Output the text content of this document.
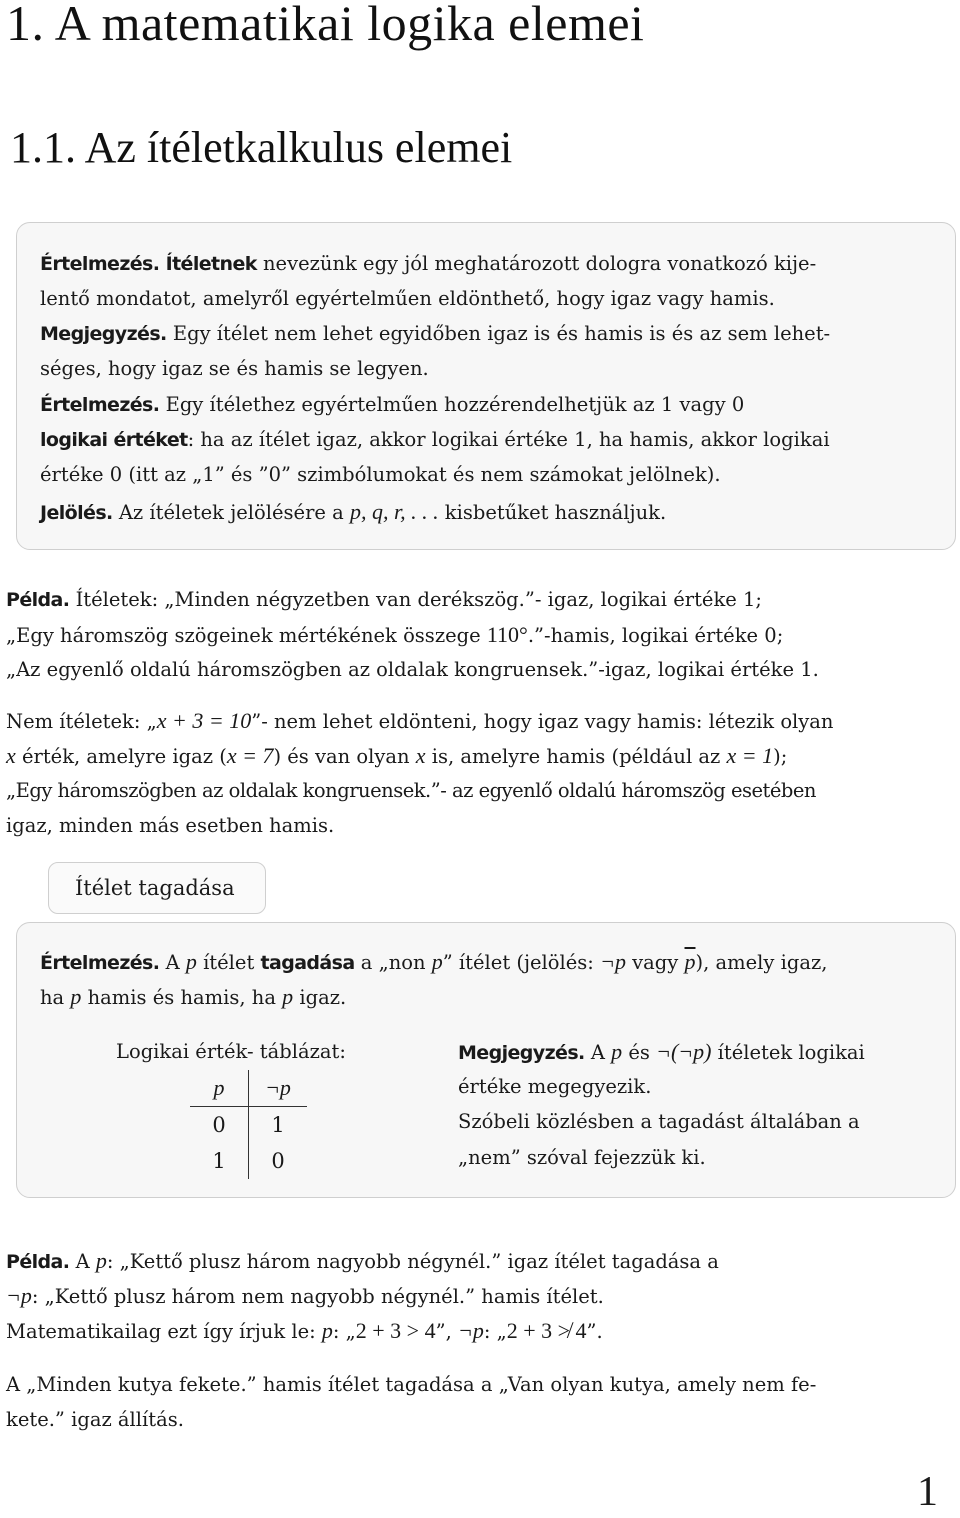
1. A matematikai logika elemei
1.1. Az ítéletkalkulus elemei
Értelmezés. Ítéletnek nevezünk egy jól meghatározott dologra vonatkozó kije-
lentő mondatot, amelyről egyértelműen eldönthető, hogy igaz vagy hamis.
Megjegyzés. Egy ítélet nem lehet egyidőben igaz is és hamis is és az sem lehet-
séges, hogy igaz se és hamis se legyen.
Értelmezés. Egy ítélethez egyértelműen hozzérendelhetjük az 1 vagy 0
logikai értéket: ha az ítélet igaz, akkor logikai értéke 1, ha hamis, akkor logikai
értéke 0 (itt az „1” és ”0” szimbólumokat és nem számokat jelölnek).
Jelölés. Az ítéletek jelölésére a p, q, r, . . . kisbetűket használjuk.
Példa. Ítéletek: „Minden négyzetben van derékszög.”- igaz, logikai értéke 1;
„Egy háromszög szögeinek mértékének összege 110°.”-hamis, logikai értéke 0;
„Az egyenlő oldalú háromszögben az oldalak kongruensek.”-igaz, logikai értéke 1.
Nem ítéletek: „x + 3 = 10”- nem lehet eldönteni, hogy igaz vagy hamis: létezik olyan
x érték, amelyre igaz (x = 7) és van olyan x is, amelyre hamis (például az x = 1);
„Egy háromszögben az oldalak kongruensek.”- az egyenlő oldalú háromszög esetében
igaz, minden más esetben hamis.
Ítélet tagadása
Értelmezés. A p ítélet tagadása a „non p” ítélet (jelölés: ¬p vagy $\overline{p}$), amely igaz,
ha p hamis és hamis, ha p igaz.
Logikai érték- táblázat:
p	¬p
0	1
1	0
Megjegyzés. A p és ¬(¬p) ítéletek logikai
értéke megegyezik.
Szóbeli közlésben a tagadást általában a
„nem” szóval fejezzük ki.
Példa. A p: „Kettő plusz három nagyobb négynél.” igaz ítélet tagadása a
¬p: „Kettő plusz három nem nagyobb négynél.” hamis ítélet.
Matematikailag ezt így írjuk le: p: „2 + 3 > 4”, ¬p: „2 + 3 ≯ 4”.
A „Minden kutya fekete.” hamis ítélet tagadása a „Van olyan kutya, amely nem fe-
kete.” igaz állítás.
1
